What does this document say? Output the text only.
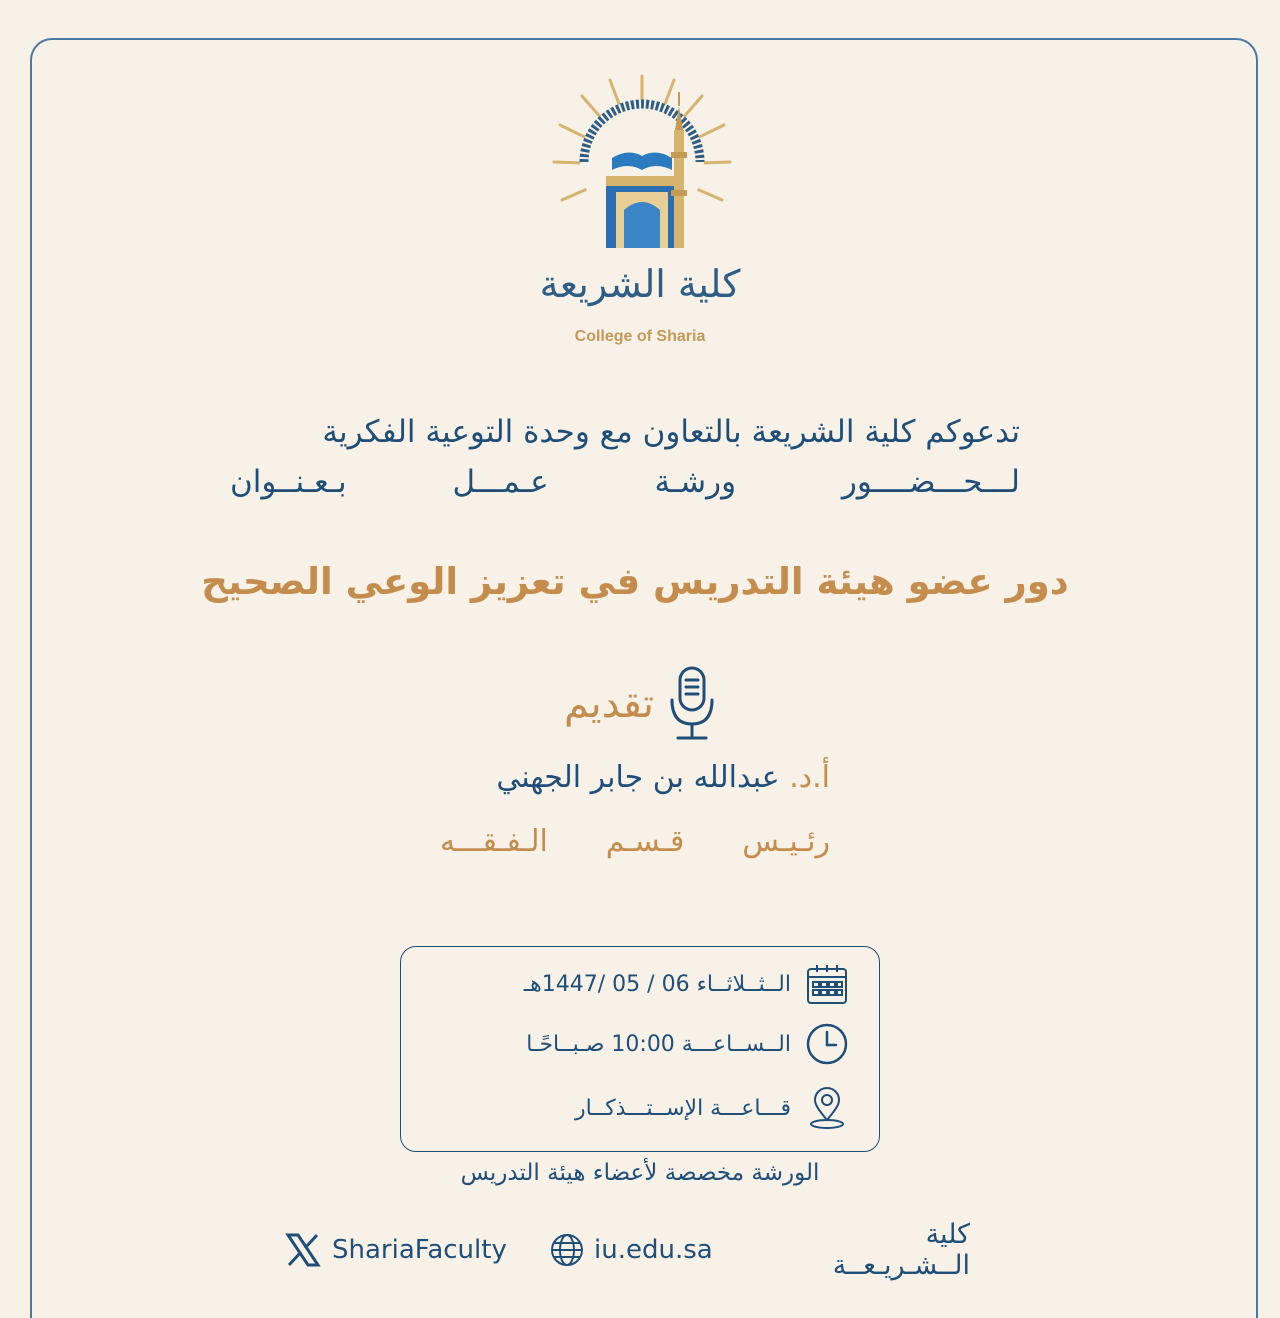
كلية الشريعة
College of Sharia
تدعوكم كلية الشريعة بالتعاون مع وحدة التوعية الفكرية
لـــحـــضــــور ورشـة عـمـــل بـعـنــوان
دور عضو هيئة التدريس في تعزيز الوعي الصحيح
تقديم
أ.د. عبدالله بن جابر الجهني
رئـيـس قـسـم الـفـقـــه
الــثــلاثــاء 06 / 05 /1447هـ
الــســاعـــة 10:00 صـبــاحًـا
قـــاعـــة الإســتـــذكــار
الورشة مخصصة لأعضاء هيئة التدريس
ShariaFaculty	iu.edu.sa	كلية الــشـريـعــة
